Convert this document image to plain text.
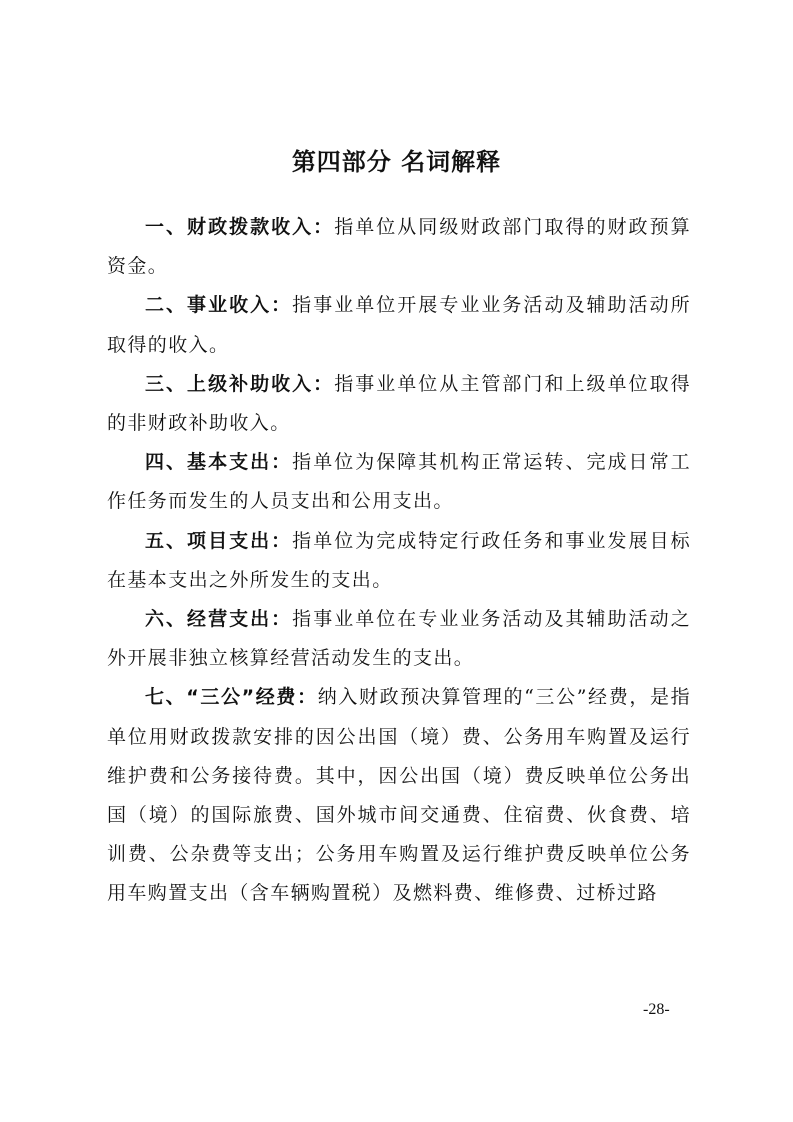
第四部分 名词解释

一、财政拨款收入：指单位从同级财政部门取得的财政预算资金。

二、事业收入：指事业单位开展专业业务活动及辅助活动所取得的收入。

三、上级补助收入：指事业单位从主管部门和上级单位取得的非财政补助收入。

四、基本支出：指单位为保障其机构正常运转、完成日常工作任务而发生的人员支出和公用支出。

五、项目支出：指单位为完成特定行政任务和事业发展目标在基本支出之外所发生的支出。

六、经营支出：指事业单位在专业业务活动及其辅助活动之外开展非独立核算经营活动发生的支出。

七、“三公”经费：纳入财政预决算管理的“三公”经费，是指单位用财政拨款安排的因公出国（境）费、公务用车购置及运行维护费和公务接待费。其中，因公出国（境）费反映单位公务出国（境）的国际旅费、国外城市间交通费、住宿费、伙食费、培训费、公杂费等支出；公务用车购置及运行维护费反映单位公务用车购置支出（含车辆购置税）及燃料费、维修费、过桥过路

-28-
